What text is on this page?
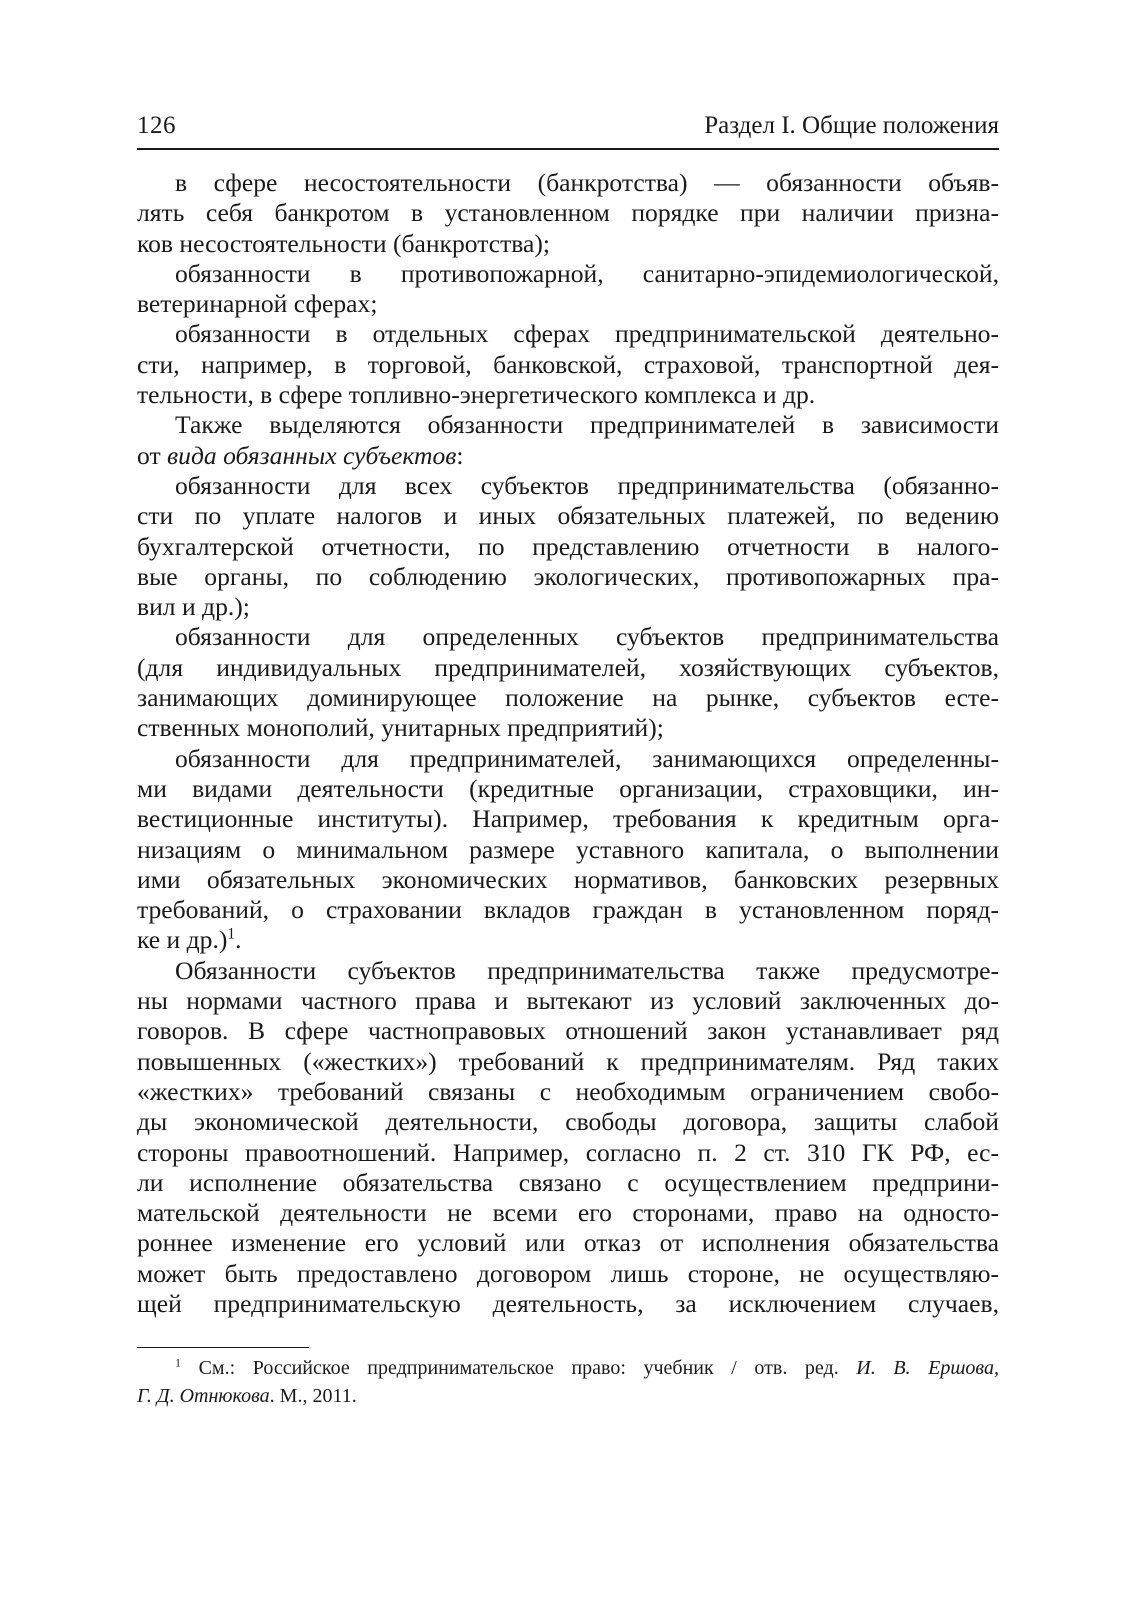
126	Раздел I. Общие положения
в сфере несостоятельности (банкротства) — обязанности объяв-
лять себя банкротом в установленном порядке при наличии призна-
ков несостоятельности (банкротства);
обязанности в противопожарной, санитарно-эпидемиологической,
ветеринарной сферах;
обязанности в отдельных сферах предпринимательской деятельно-
сти, например, в торговой, банковской, страховой, транспортной дея-
тельности, в сфере топливно-энергетического комплекса и др.
Также выделяются обязанности предпринимателей в зависимости
от вида обязанных субъектов:
обязанности для всех субъектов предпринимательства (обязанно-
сти по уплате налогов и иных обязательных платежей, по ведению
бухгалтерской отчетности, по представлению отчетности в налого-
вые органы, по соблюдению экологических, противопожарных пра-
вил и др.);
обязанности для определенных субъектов предпринимательства
(для индивидуальных предпринимателей, хозяйствующих субъектов,
занимающих доминирующее положение на рынке, субъектов есте-
ственных монополий, унитарных предприятий);
обязанности для предпринимателей, занимающихся определенны-
ми видами деятельности (кредитные организации, страховщики, ин-
вестиционные институты). Например, требования к кредитным орга-
низациям о минимальном размере уставного капитала, о выполнении
ими обязательных экономических нормативов, банковских резервных
требований, о страховании вкладов граждан в установленном поряд-
ке и др.)$^1$.
Обязанности субъектов предпринимательства также предусмотре-
ны нормами частного права и вытекают из условий заключенных до-
говоров. В сфере частноправовых отношений закон устанавливает ряд
повышенных («жестких») требований к предпринимателям. Ряд таких
«жестких» требований связаны с необходимым ограничением свобо-
ды экономической деятельности, свободы договора, защиты слабой
стороны правоотношений. Например, согласно п. 2 ст. 310 ГК РФ, ес-
ли исполнение обязательства связано с осуществлением предприни-
мательской деятельности не всеми его сторонами, право на односто-
роннее изменение его условий или отказ от исполнения обязательства
может быть предоставлено договором лишь стороне, не осуществляю-
щей предпринимательскую деятельность, за исключением случаев,
$^1$ См.: Российское предпринимательское право: учебник / отв. ред. И. В. Ершова,
Г. Д. Отнюкова. М., 2011.
